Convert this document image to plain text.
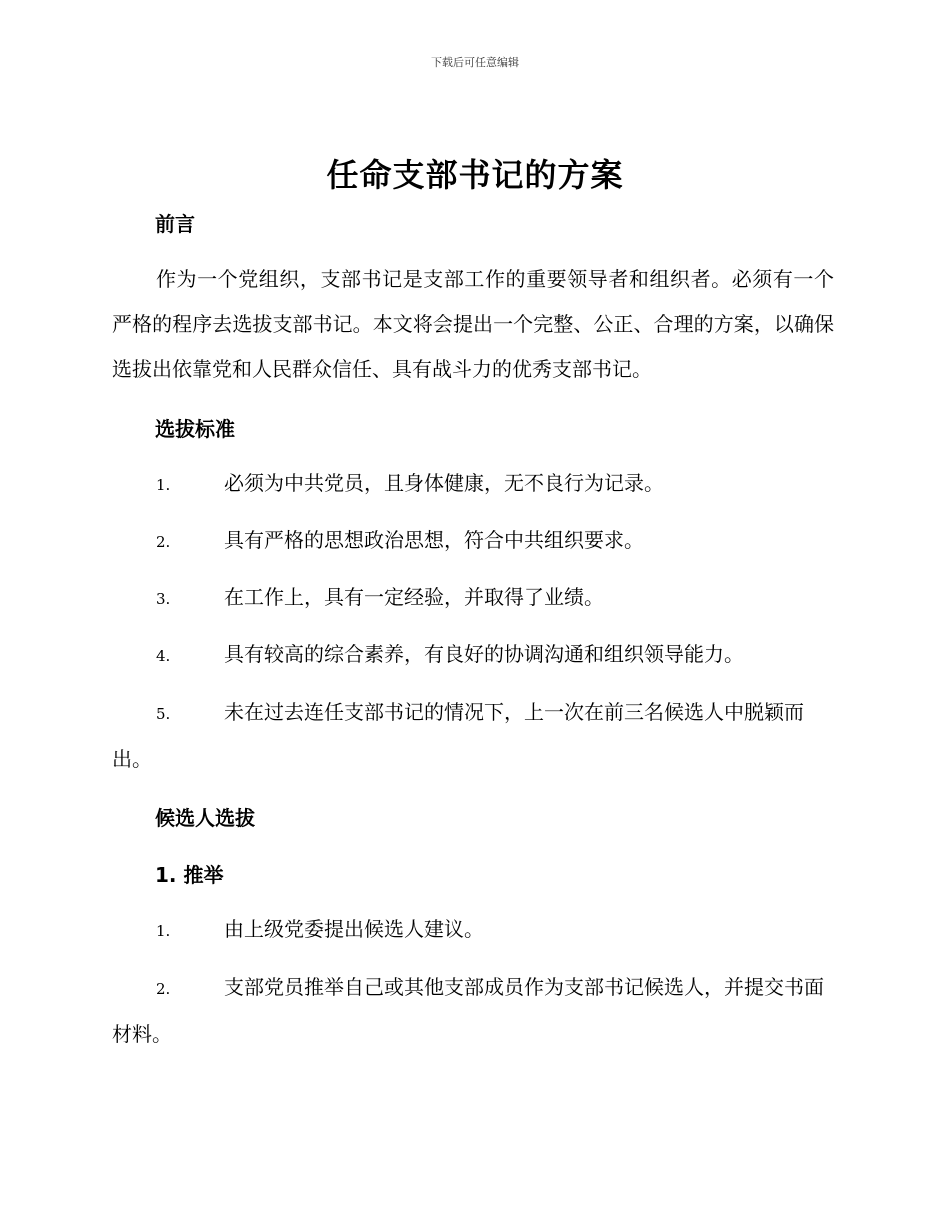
下载后可任意编辑
任命支部书记的方案
前言

作为一个党组织，支部书记是支部工作的重要领导者和组织者。必须有一个严格的程序去选拔支部书记。本文将会提出一个完整、公正、合理的方案，以确保选拔出依靠党和人民群众信任、具有战斗力的优秀支部书记。

选拔标准

1.	必须为中共党员，且身体健康，无不良行为记录。

2.	具有严格的思想政治思想，符合中共组织要求。

3.	在工作上，具有一定经验，并取得了业绩。

4.	具有较高的综合素养，有良好的协调沟通和组织领导能力。

5.	未在过去连任支部书记的情况下，上一次在前三名候选人中脱颖而出。

候选人选拔
1. 推举

1.	由上级党委提出候选人建议。

2.	支部党员推举自己或其他支部成员作为支部书记候选人，并提交书面材料。
